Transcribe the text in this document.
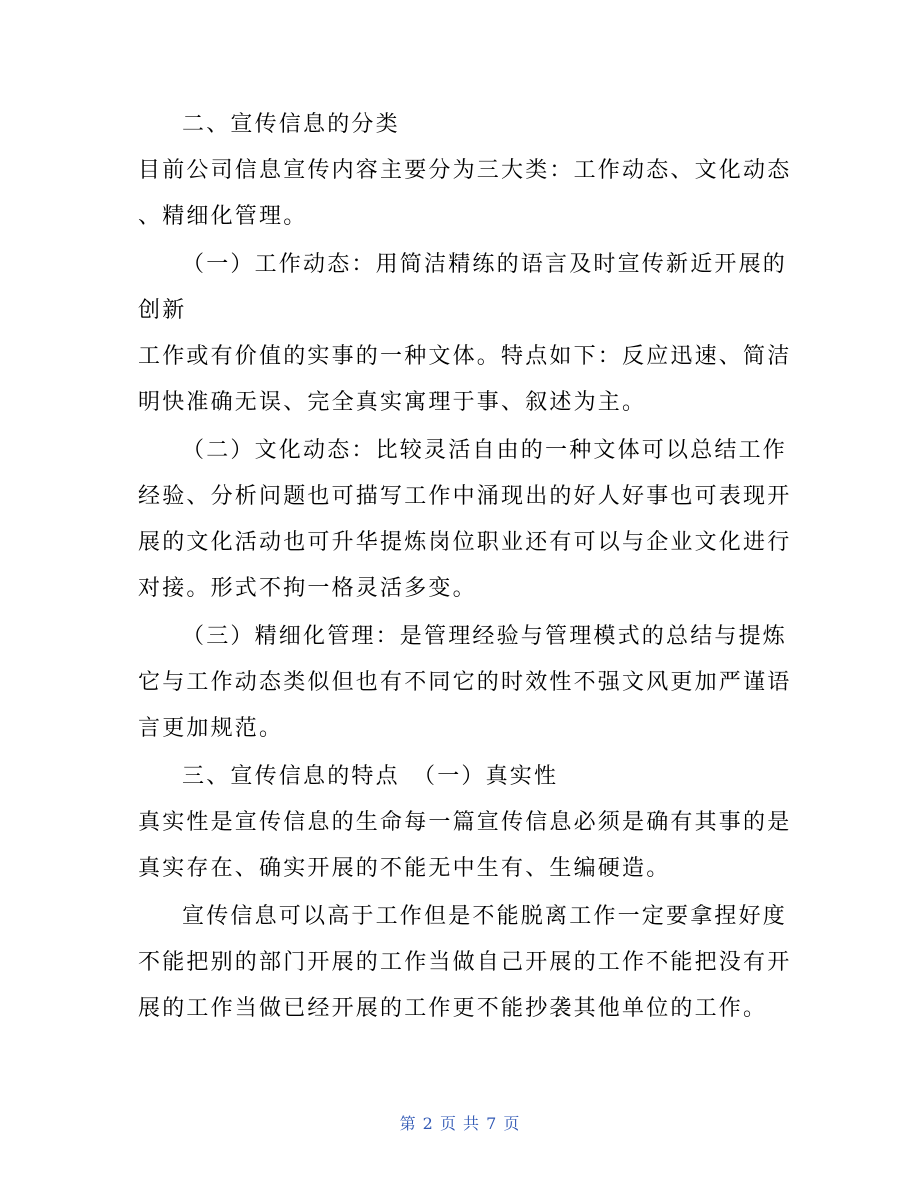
二、宣传信息的分类
目前公司信息宣传内容主要分为三大类：工作动态、文化动态
、精细化管理。
（一）工作动态：用简洁精练的语言及时宣传新近开展的
创新
工作或有价值的实事的一种文体。特点如下：反应迅速、简洁
明快准确无误、完全真实寓理于事、叙述为主。
（二）文化动态：比较灵活自由的一种文体可以总结工作
经验、分析问题也可描写工作中涌现出的好人好事也可表现开
展的文化活动也可升华提炼岗位职业还有可以与企业文化进行
对接。形式不拘一格灵活多变。
（三）精细化管理：是管理经验与管理模式的总结与提炼
它与工作动态类似但也有不同它的时效性不强文风更加严谨语
言更加规范。
三、宣传信息的特点　（一）真实性
真实性是宣传信息的生命每一篇宣传信息必须是确有其事的是
真实存在、确实开展的不能无中生有、生编硬造。
宣传信息可以高于工作但是不能脱离工作一定要拿捏好度
不能把别的部门开展的工作当做自己开展的工作不能把没有开
展的工作当做已经开展的工作更不能抄袭其他单位的工作。
第 2 页 共 7 页
